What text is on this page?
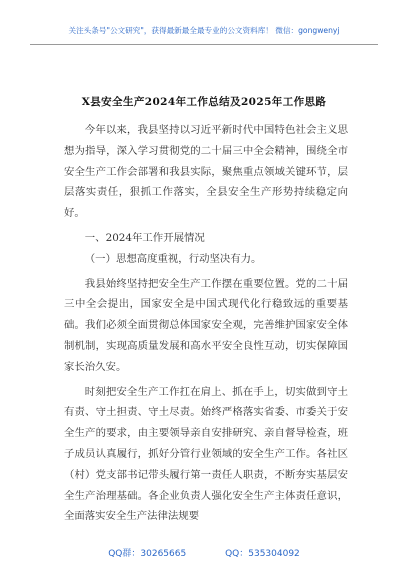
关注头条号"公文研究"，获得最新最全最专业的公文资料库！ 微信：gongwenyj
X县安全生产2024年工作总结及2025年工作思路

今年以来，我县坚持以习近平新时代中国特色社会主义思想为指导，深入学习贯彻党的二十届三中全会精神，围绕全市安全生产工作会部署和我县实际，聚焦重点领域关键环节，层层落实责任，狠抓工作落实，全县安全生产形势持续稳定向好。

一、2024年工作开展情况

（一）思想高度重视，行动坚决有力。

我县始终坚持把安全生产工作摆在重要位置。党的二十届三中全会提出，国家安全是中国式现代化行稳致远的重要基础。我们必须全面贯彻总体国家安全观，完善维护国家安全体制机制，实现高质量发展和高水平安全良性互动，切实保障国家长治久安。

时刻把安全生产工作扛在肩上、抓在手上，切实做到守土有责、守土担责、守土尽责。始终严格落实省委、市委关于安全生产的要求，由主要领导亲自安排研究、亲自督导检查，班子成员认真履行，抓好分管行业领域的安全生产工作。各社区（村）党支部书记带头履行第一责任人职责，不断夯实基层安全生产治理基础。各企业负责人强化安全生产主体责任意识，全面落实安全生产法律法规要

QQ群：30265665	QQ：535304092
